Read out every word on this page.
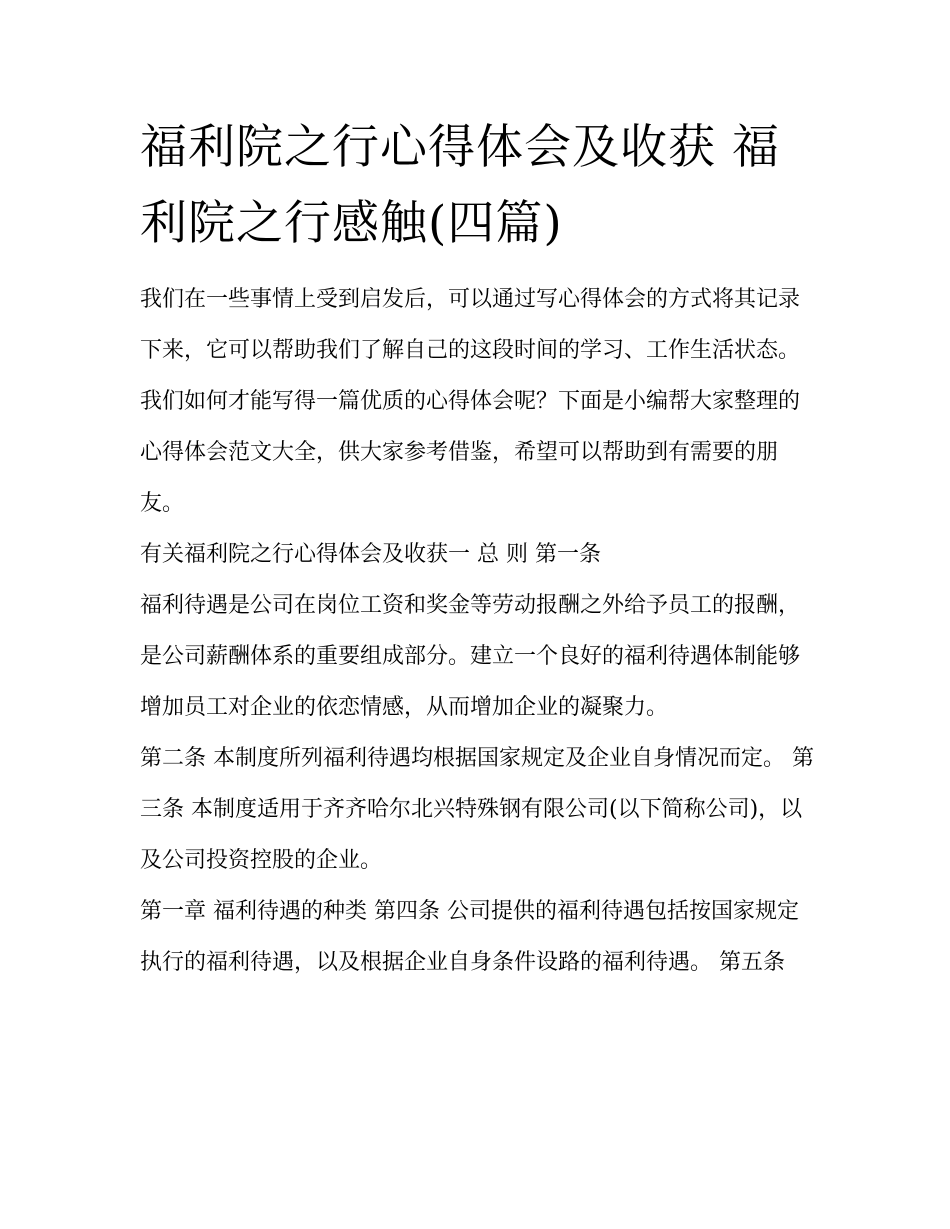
福利院之行心得体会及收获 福利院之行感触(四篇)

我们在一些事情上受到启发后，可以通过写心得体会的方式将其记录下来，它可以帮助我们了解自己的这段时间的学习、工作生活状态。我们如何才能写得一篇优质的心得体会呢？下面是小编帮大家整理的心得体会范文大全，供大家参考借鉴，希望可以帮助到有需要的朋友。

有关福利院之行心得体会及收获一 总 则 第一条

福利待遇是公司在岗位工资和奖金等劳动报酬之外给予员工的报酬，是公司薪酬体系的重要组成部分。建立一个良好的福利待遇体制能够增加员工对企业的依恋情感，从而增加企业的凝聚力。

第二条 本制度所列福利待遇均根据国家规定及企业自身情况而定。 第三条 本制度适用于齐齐哈尔北兴特殊钢有限公司(以下简称公司)，以及公司投资控股的企业。

第一章 福利待遇的种类 第四条 公司提供的福利待遇包括按国家规定执行的福利待遇，以及根据企业自身条件设路的福利待遇。 第五条
